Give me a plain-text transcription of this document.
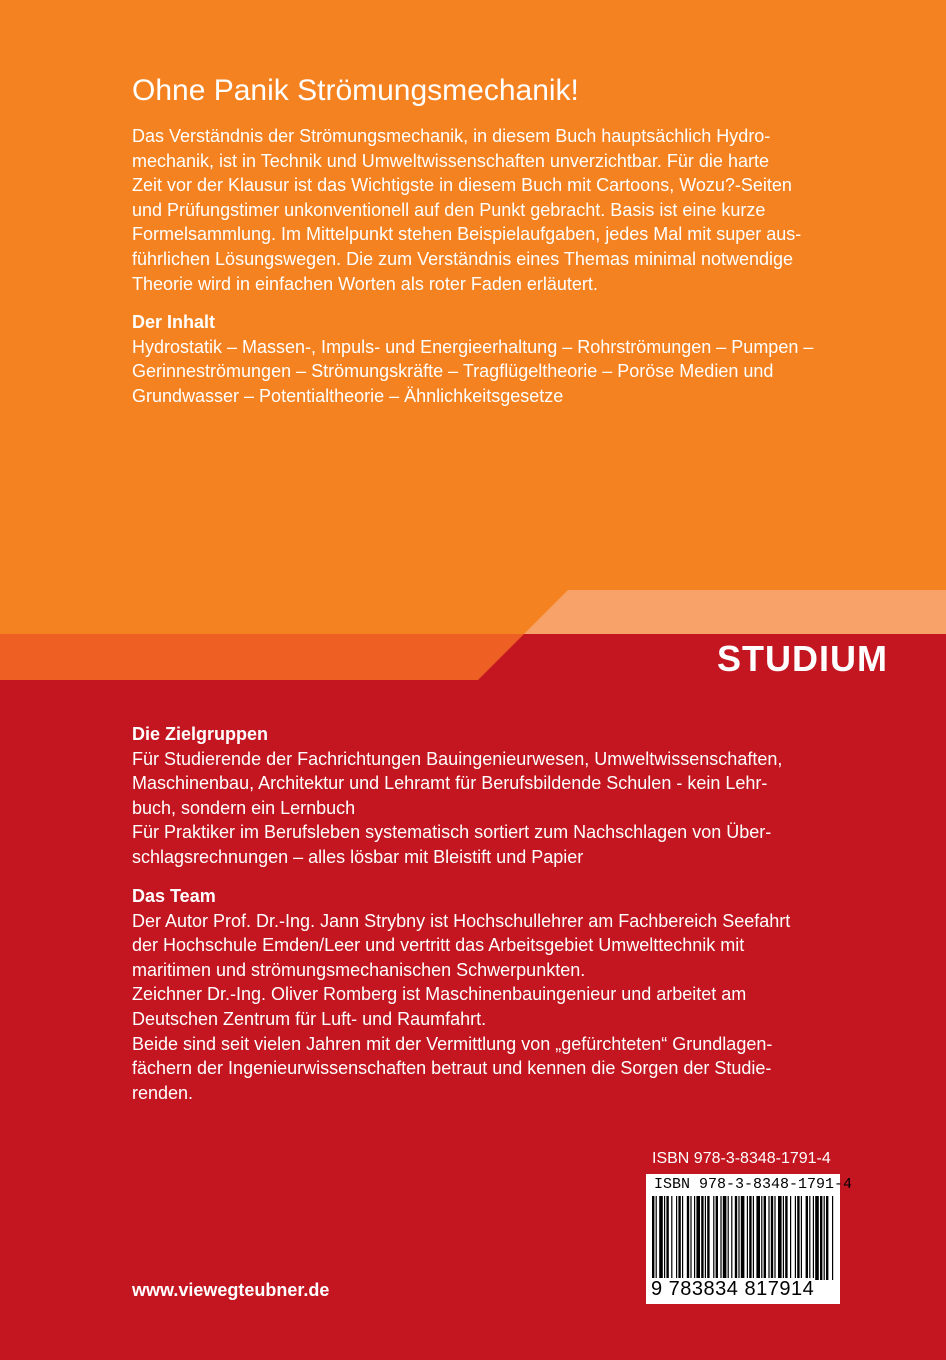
Ohne Panik Strömungsmechanik!
Das Verständnis der Strömungsmechanik, in diesem Buch hauptsächlich Hydro-
mechanik, ist in Technik und Umweltwissenschaften unverzichtbar. Für die harte
Zeit vor der Klausur ist das Wichtigste in diesem Buch mit Cartoons, Wozu?-Seiten
und Prüfungstimer unkonventionell auf den Punkt gebracht. Basis ist eine kurze
Formelsammlung. Im Mittelpunkt stehen Beispielaufgaben, jedes Mal mit super aus-
führlichen Lösungswegen. Die zum Verständnis eines Themas minimal notwendige
Theorie wird in einfachen Worten als roter Faden erläutert.
Der Inhalt
Hydrostatik – Massen-, Impuls- und Energieerhaltung – Rohrströmungen – Pumpen –
Gerinneströmungen – Strömungskräfte – Tragflügeltheorie – Poröse Medien und
Grundwasser – Potentialtheorie – Ähnlichkeitsgesetze
STUDIUM
Die Zielgruppen
Für Studierende der Fachrichtungen Bauingenieurwesen, Umweltwissenschaften,
Maschinenbau, Architektur und Lehramt für Berufsbildende Schulen - kein Lehr-
buch, sondern ein Lernbuch
Für Praktiker im Berufsleben systematisch sortiert zum Nachschlagen von Über-
schlagsrechnungen – alles lösbar mit Bleistift und Papier
Das Team
Der Autor Prof. Dr.-Ing. Jann Strybny ist Hochschullehrer am Fachbereich Seefahrt
der Hochschule Emden/Leer und vertritt das Arbeitsgebiet Umwelttechnik mit
maritimen und strömungsmechanischen Schwerpunkten.
Zeichner Dr.-Ing. Oliver Romberg ist Maschinenbauingenieur und arbeitet am
Deutschen Zentrum für Luft- und Raumfahrt.
Beide sind seit vielen Jahren mit der Vermittlung von „gefürchteten“ Grundlagen-
fächern der Ingenieurwissenschaften betraut und kennen die Sorgen der Studie-
renden.
ISBN 978-3-8348-1791-4
ISBN 978-3-8348-1791-4
9 783834 817914
www.viewegteubner.de
